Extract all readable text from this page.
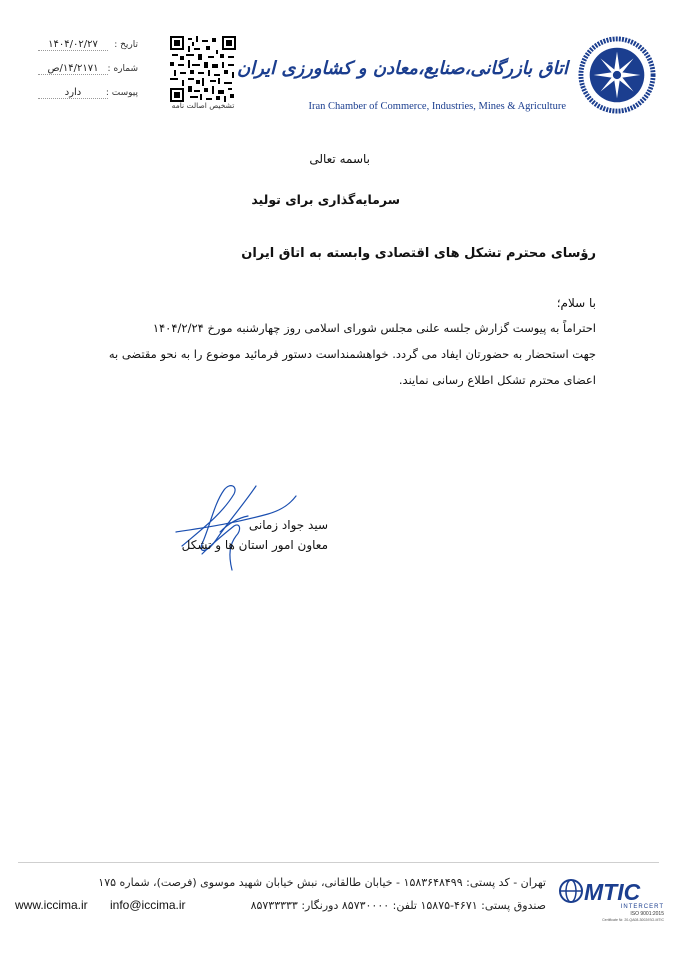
تاریخ :
۱۴۰۴/۰۲/۲۷
شماره :
۱۴/۲۱۷۱/ص
پیوست :
دارد
تشخیص اصالت نامه
اتاق بازرگانی،صنایع،معادن و کشاورزی ایران
Iran Chamber of Commerce, Industries, Mines & Agriculture
باسمه تعالی
سرمایه‌گذاری برای تولید
رؤسای محترم تشکل های اقتصادی وابسته به اتاق ایران
با سلام؛
احتراماً به پیوست گزارش جلسه علنی مجلس شورای اسلامی روز چهارشنبه مورخ ۱۴۰۴/۲/۲۴
جهت استحضار به حضورتان ایفاد می گردد. خواهشمنداست دستور فرمائید موضوع را به نحو مقتضی به
اعضای محترم تشکل اطلاع رسانی نمایند.
سید جواد زمانی
معاون امور استان ها و تشکل
تهران - کد پستی: ۱۵۸۳۶۴۸۴۹۹ - خیابان طالقانی، نبش خیابان شهید موسوی (فرصت)، شماره ۱۷۵
صندوق پستی: ۴۶۷۱-۱۵۸۷۵ تلفن: ۸۵۷۳۰۰۰۰ دورنگار: ۸۵۷۳۳۳۳۳
www.iccima.ir info@iccima.ir	MTIC
INTERCERT
ISO 9001:2015
Certificate Nr. 20-QA08-3002/ISO-MTIC
